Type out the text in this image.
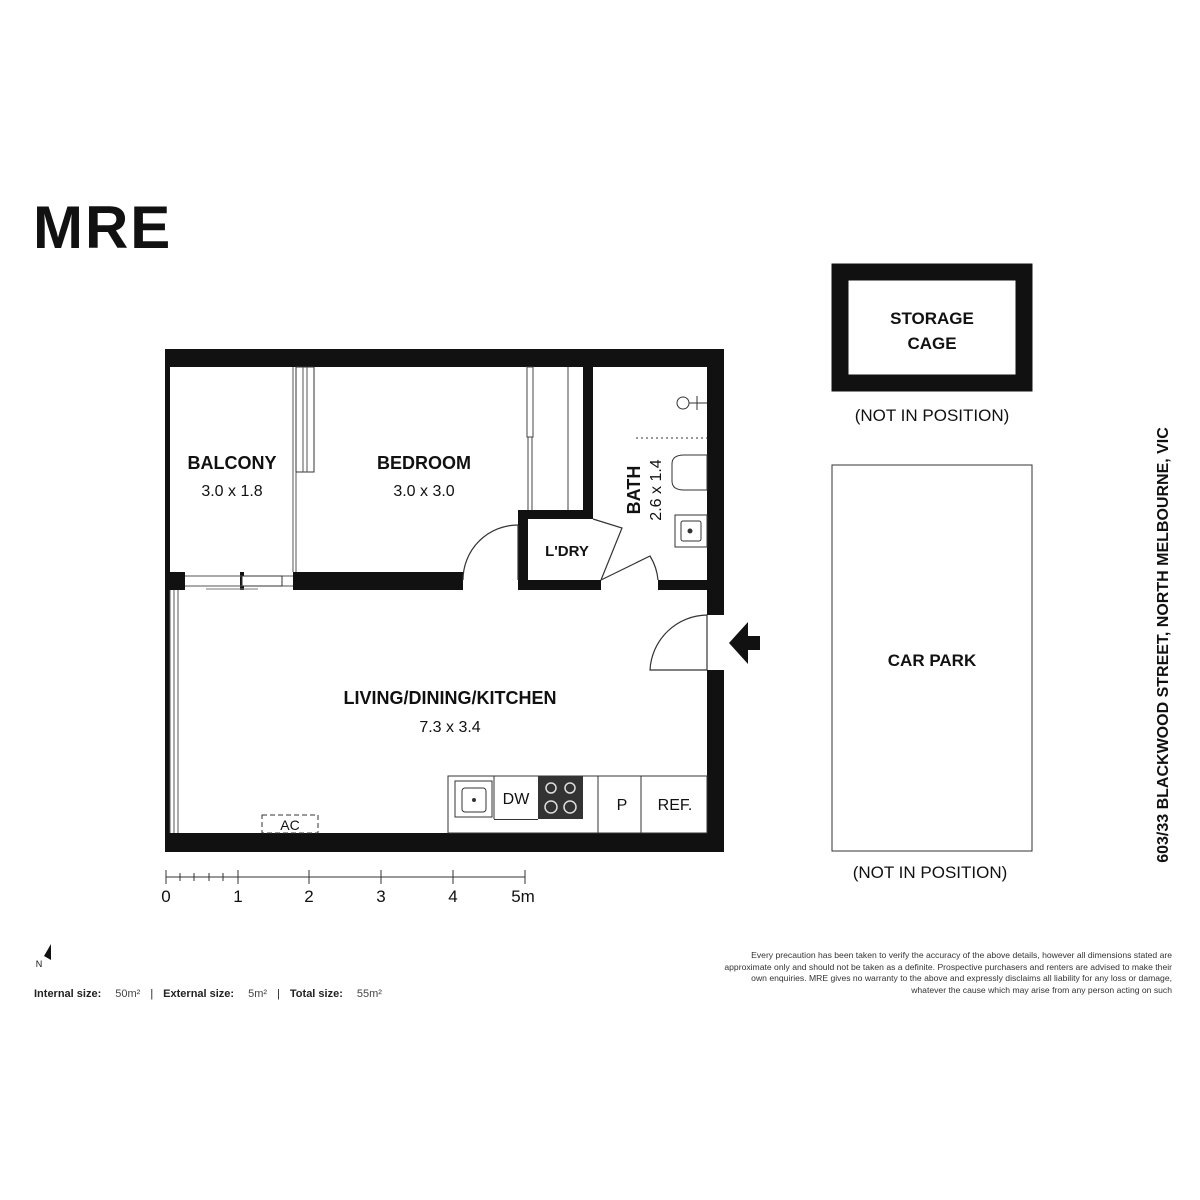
MRE
DW	P REF.
AC
BALCONY
3.0 x 1.8
BEDROOM
3.0 x 3.0	BATH 2.6 x 1.4
L'DRY
LIVING/DINING/KITCHEN
7.3 x 3.4
0	1	2	3	4	5m
STORAGE
CAGE
(NOT IN POSITION)
CAR PARK
(NOT IN POSITION)
603/33 BLACKWOOD STREET, NORTH MELBOURNE, VIC
N
Internal size: 50m² | External size: 5m² | Total size: 55m²
Every precaution has been taken to verify the accuracy of the above details, however all dimensions stated are approximate only and should not be taken as a definite. Prospective purchasers and renters are advised to make their own enquiries. MRE gives no warranty to the above and expressly disclaims all liability for any loss or damage, whatever the cause which may arise from any person acting on such
